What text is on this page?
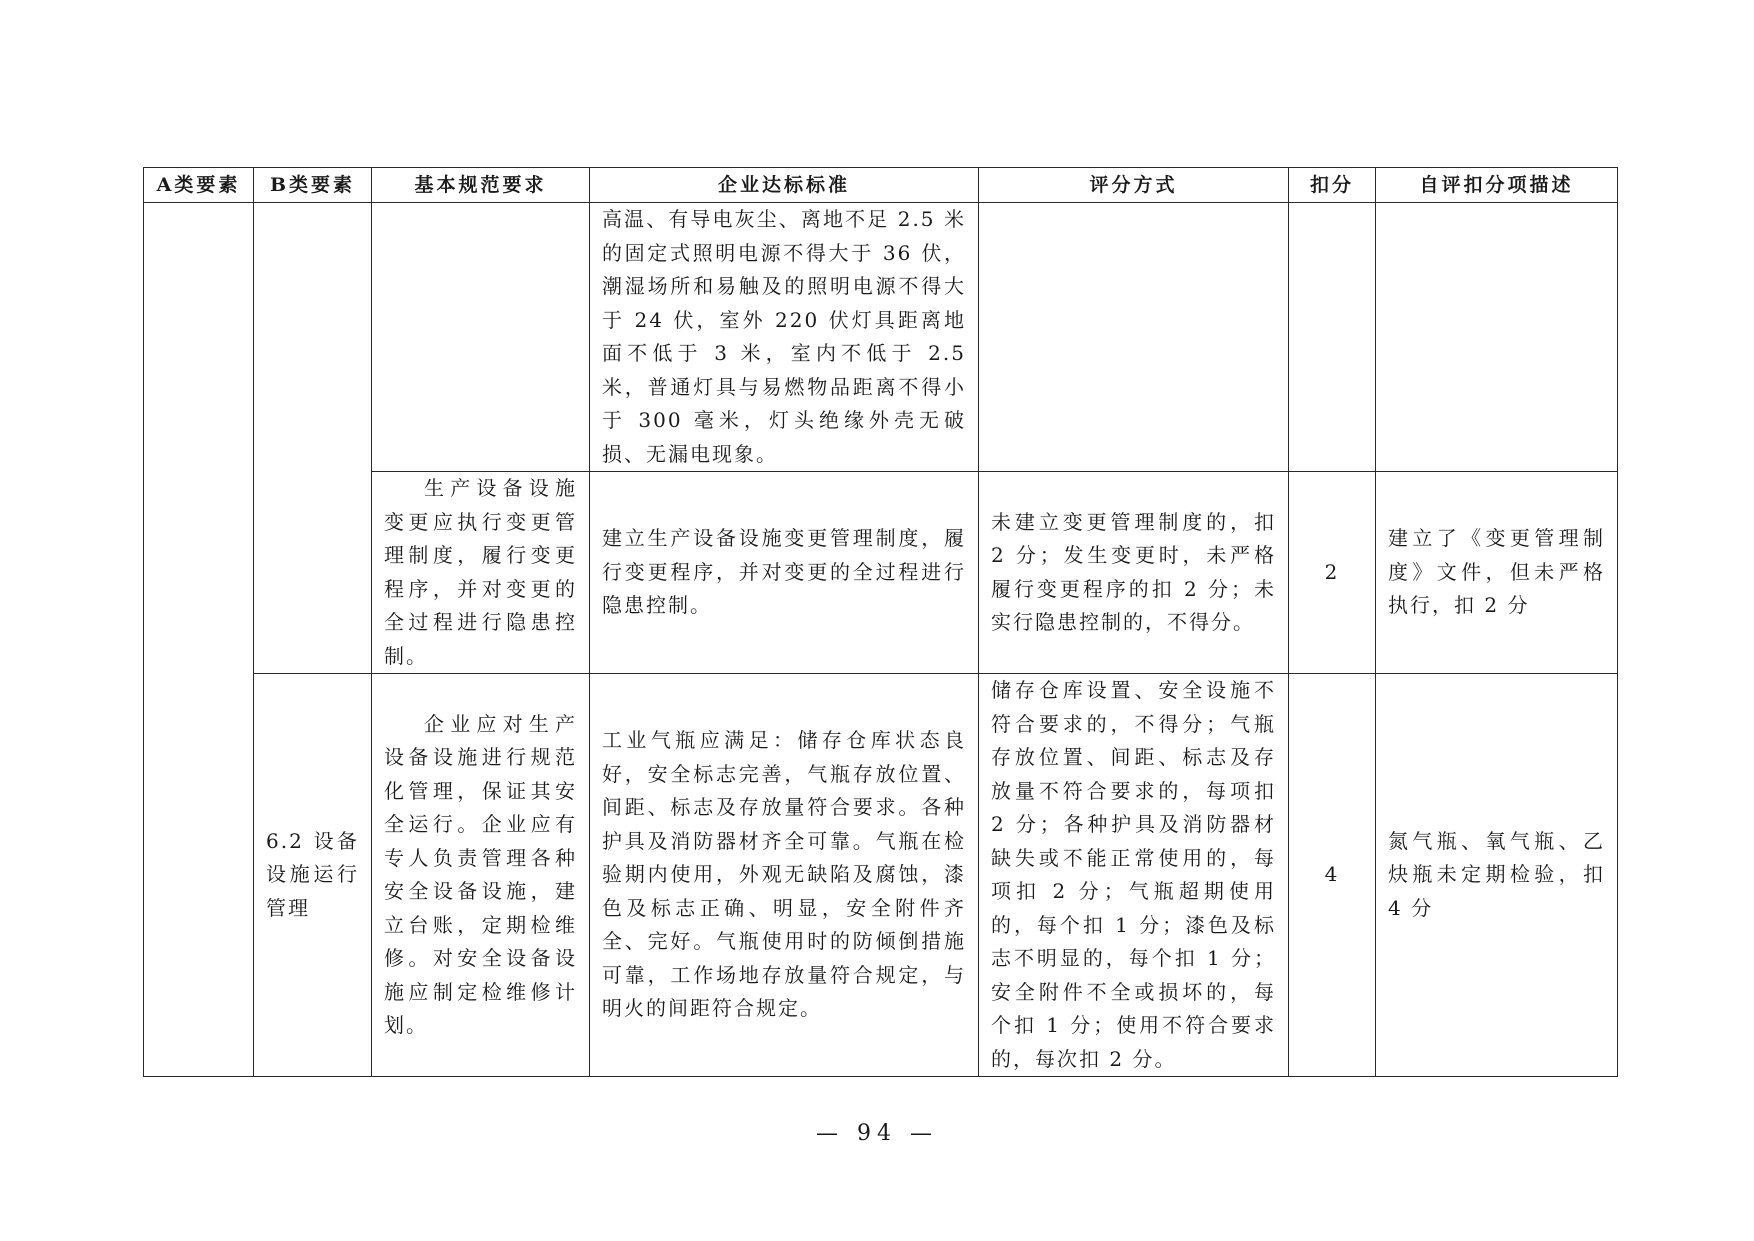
A类要素	B类要素	基本规范要求	企业达标标准	评分方式	扣分	自评扣分项描述

			高温、有导电灰尘、离地不足 2.5 米的固定式照明电源不得大于 36 伏，潮湿场所和易触及的照明电源不得大于 24 伏，室外 220 伏灯具距离地面不低于 3 米，室内不低于 2.5 米，普通灯具与易燃物品距离不得小于 300 毫米，灯头绝缘外壳无破损、无漏电现象。			

		生产设备设施变更应执行变更管理制度，履行变更程序，并对变更的全过程进行隐患控制。	建立生产设备设施变更管理制度，履行变更程序，并对变更的全过程进行隐患控制。	未建立变更管理制度的，扣 2 分；发生变更时，未严格履行变更程序的扣 2 分；未实行隐患控制的，不得分。	2	建立了《变更管理制度》文件，但未严格执行，扣 2 分

	6.2 设备设施运行管理	企业应对生产设备设施进行规范化管理，保证其安全运行。企业应有专人负责管理各种安全设备设施，建立台账，定期检维修。对安全设备设施应制定检维修计划。	工业气瓶应满足：储存仓库状态良好，安全标志完善，气瓶存放位置、间距、标志及存放量符合要求。各种护具及消防器材齐全可靠。气瓶在检验期内使用，外观无缺陷及腐蚀，漆色及标志正确、明显，安全附件齐全、完好。气瓶使用时的防倾倒措施可靠，工作场地存放量符合规定，与明火的间距符合规定。	储存仓库设置、安全设施不符合要求的，不得分；气瓶存放位置、间距、标志及存放量不符合要求的，每项扣 2 分；各种护具及消防器材缺失或不能正常使用的，每项扣 2 分；气瓶超期使用的，每个扣 1 分；漆色及标志不明显的，每个扣 1 分；安全附件不全或损坏的，每个扣 1 分；使用不符合要求的，每次扣 2 分。	4	氮气瓶、氧气瓶、乙炔瓶未定期检验，扣 4 分
— 94 —
